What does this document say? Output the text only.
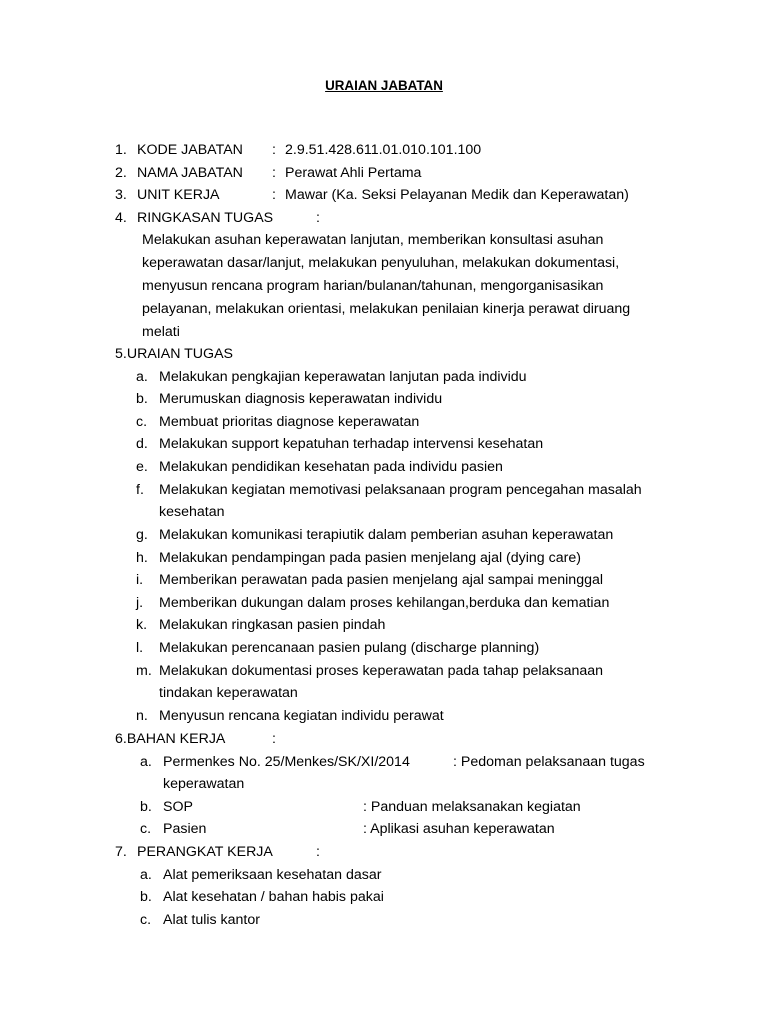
URAIAN JABATAN
1. KODE JABATAN : 2.9.51.428.611.01.010.101.100
2. NAMA JABATAN : Perawat Ahli Pertama
3. UNIT KERJA	: Mawar (Ka. Seksi Pelayanan Medik dan Keperawatan)
4. RINGKASAN TUGAS	:
Melakukan asuhan keperawatan lanjutan, memberikan konsultasi asuhan
keperawatan dasar/lanjut, melakukan penyuluhan, melakukan dokumentasi,
menyusun rencana program harian/bulanan/tahunan, mengorganisasikan
pelayanan, melakukan orientasi, melakukan penilaian kinerja perawat diruang
melati
5.URAIAN TUGAS
a. Melakukan pengkajian keperawatan lanjutan pada individu
b. Merumuskan diagnosis keperawatan individu
c. Membuat prioritas diagnose keperawatan
d. Melakukan support kepatuhan terhadap intervensi kesehatan
e. Melakukan pendidikan kesehatan pada individu pasien
f. Melakukan kegiatan memotivasi pelaksanaan program pencegahan masalah
kesehatan
g. Melakukan komunikasi terapiutik dalam pemberian asuhan keperawatan
h. Melakukan pendampingan pada pasien menjelang ajal (dying care)
i. Memberikan perawatan pada pasien menjelang ajal sampai meninggal
j. Memberikan dukungan dalam proses kehilangan,berduka dan kematian
k. Melakukan ringkasan pasien pindah
l. Melakukan perencanaan pasien pulang (discharge planning)
m. Melakukan dokumentasi proses keperawatan pada tahap pelaksanaan
tindakan keperawatan
n. Menyusun rencana kegiatan individu perawat
6.BAHAN KERJA	:
a. Permenkes No. 25/Menkes/SK/XI/2014	: Pedoman pelaksanaan tugas
keperawatan
b. SOP	: Panduan melaksanakan kegiatan
c. Pasien	: Aplikasi asuhan keperawatan
7. PERANGKAT KERJA	:
a. Alat pemeriksaan kesehatan dasar
b. Alat kesehatan / bahan habis pakai
c. Alat tulis kantor
